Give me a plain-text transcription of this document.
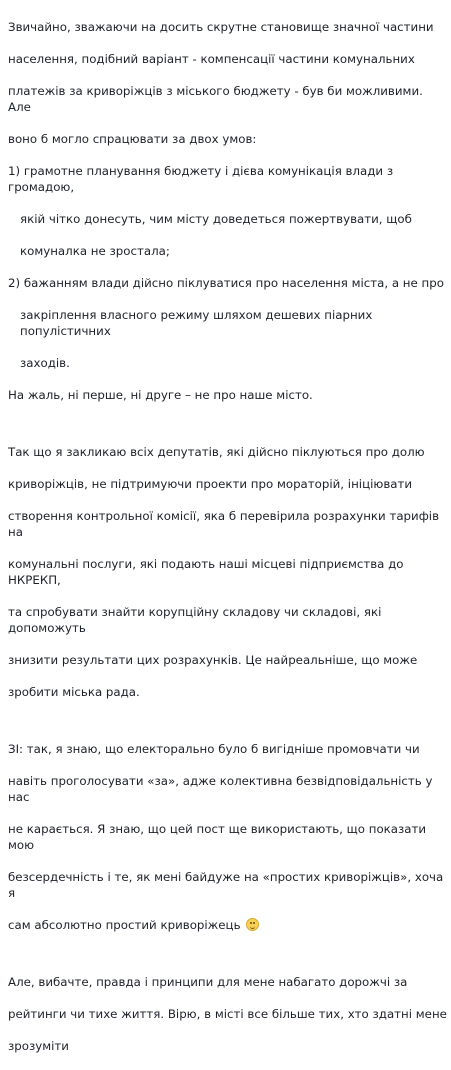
Звичайно, зважаючи на досить скрутне становище значної частини

населення, подібний варіант - компенсації частини комунальних

платежів за криворіжців з міського бюджету - був би можливими. Але

воно б могло спрацювати за двох умов:

1) грамотне планування бюджету і дієва комунікація влади з громадою,

якій чітко донесуть, чим місту доведеться пожертвувати, щоб

комуналка не зростала;

2) бажанням влади дійсно піклуватися про населення міста, а не про

закріплення власного режиму шляхом дешевих піарних популістичних

заходів.

На жаль, ні перше, ні друге – не про наше місто.

Так що я закликаю всіх депутатів, які дійсно піклуються про долю

криворіжців, не підтримуючи проекти про мораторій, ініціювати

створення контрольної комісії, яка б перевірила розрахунки тарифів на

комунальні послуги, які подають наші місцеві підприємства до НКРЕКП,

та спробувати знайти корупційну складову чи складові, які допоможуть

знизити результати цих розрахунків. Це найреальніше, що може

зробити міська рада.

ЗІ: так, я знаю, що електорально було б вигідніше промовчати чи

навіть проголосувати «за», адже колективна безвідповідальність у нас

не карається. Я знаю, що цей пост ще використають, що показати мою

безсердечність і те, як мені байдуже на «простих криворіжців», хоча я

сам абсолютно простий криворіжець

Але, вибачте, правда і принципи для мене набагато дорожчі за

рейтинги чи тихе життя. Вірю, в місті все більше тих, хто здатні мене

зрозуміти
